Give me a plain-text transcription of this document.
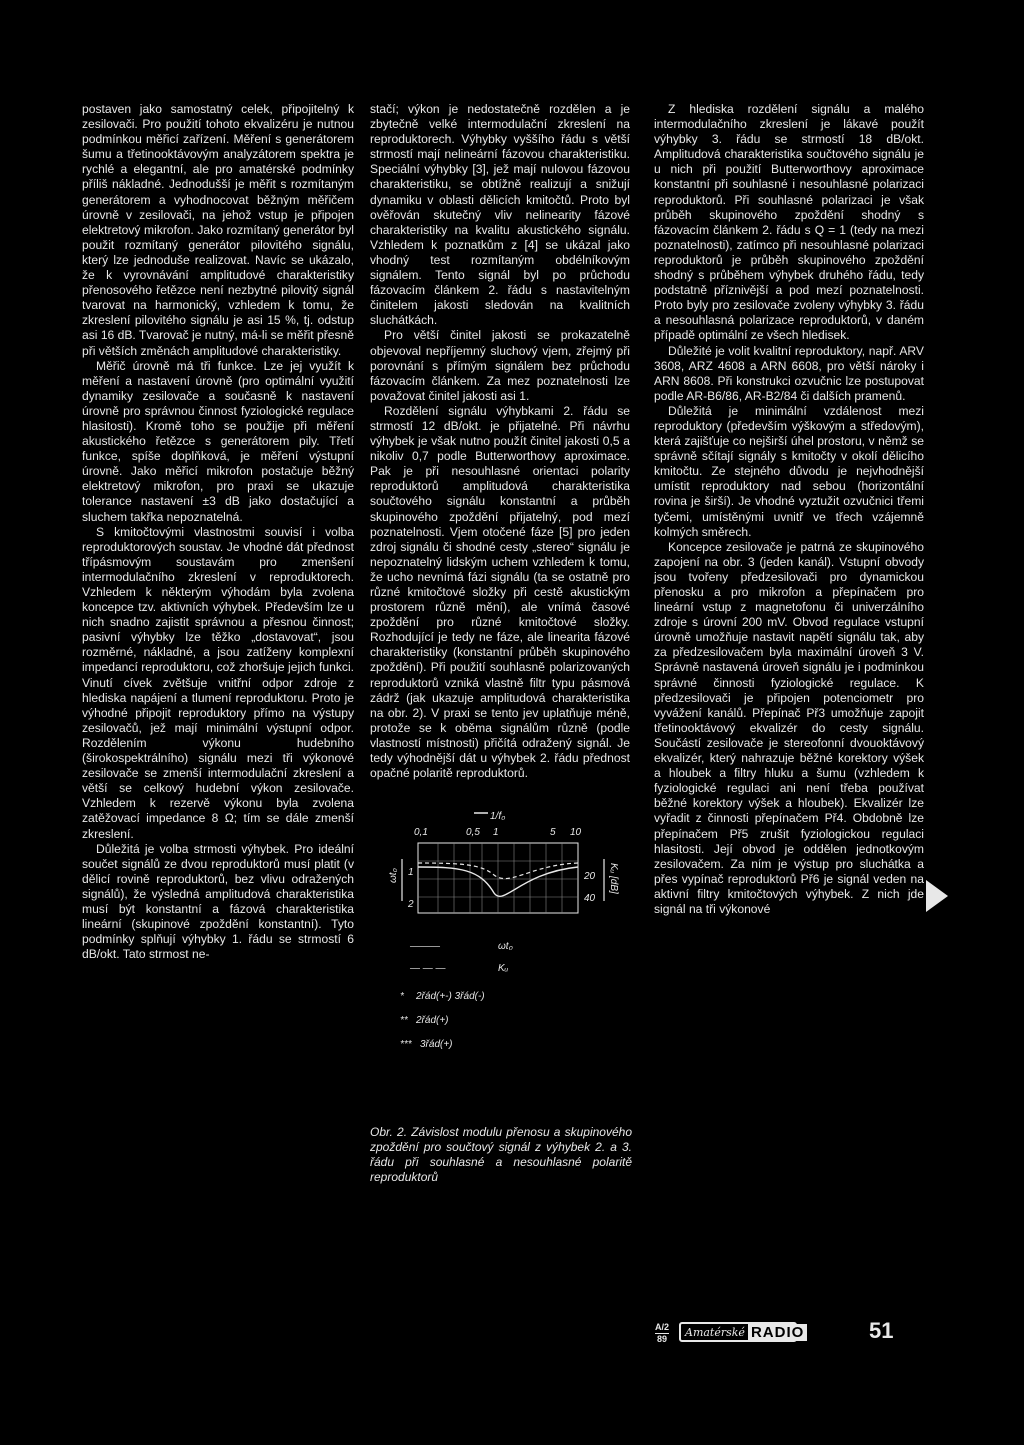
postaven jako samostatný celek, připojitelný k zesilovači. Pro použití tohoto ekvalizéru je nutnou podmínkou měřicí zařízení. Měření s generátorem šumu a třetinooktávovým analyzátorem spektra je rychlé a elegantní, ale pro amatérské podmínky příliš nákladné. Jednodušší je měřit s rozmítaným generátorem a vyhodnocovat běžným měřičem úrovně v zesilovači, na jehož vstup je připojen elektretový mikrofon. Jako rozmítaný generátor byl použit rozmítaný generátor pilovitého signálu, který lze jednoduše realizovat. Navíc se ukázalo, že k vyrovnávání amplitudové charakteristiky přenosového řetězce není nezbytné pilovitý signál tvarovat na harmonický, vzhledem k tomu, že zkreslení pilovitého signálu je asi 15 %, tj. odstup asi 16 dB. Tvarovač je nutný, má-li se měřit přesně při větších změnách amplitudové charakteristiky.

Měřič úrovně má tři funkce. Lze jej využít k měření a nastavení úrovně (pro optimální využití dynamiky zesilovače a současně k nastavení úrovně pro správnou činnost fyziologické regulace hlasitosti). Kromě toho se použije při měření akustického řetězce s generátorem pily. Třetí funkce, spíše doplňková, je měření výstupní úrovně. Jako měřicí mikrofon postačuje běžný elektretový mikrofon, pro praxi se ukazuje tolerance nastavení ±3 dB jako dostačující a sluchem takřka nepoznatelná.

S kmitočtovými vlastnostmi souvisí i volba reproduktorových soustav. Je vhodné dát přednost třípásmovým soustavám pro zmenšení intermodulačního zkreslení v reproduktorech. Vzhledem k některým výhodám byla zvolena koncepce tzv. aktivních výhybek. Především lze u nich snadno zajistit správnou a přesnou činnost; pasivní výhybky lze těžko „dostavovat“, jsou rozměrné, nákladné, a jsou zatíženy komplexní impedancí reproduktoru, což zhoršuje jejich funkci. Vinutí cívek zvětšuje vnitřní odpor zdroje z hlediska napájení a tlumení reproduktoru. Proto je výhodné připojit reproduktory přímo na výstupy zesilovačů, jež mají minimální výstupní odpor. Rozdělením výkonu hudebního (širokospektrálního) signálu mezi tři výkonové zesilovače se zmenší intermodulační zkreslení a větší se celkový hudební výkon zesilovače. Vzhledem k rezervě výkonu byla zvolena zatěžovací impedance 8 Ω; tím se dále zmenší zkreslení.

Důležitá je volba strmosti výhybek. Pro ideální součet signálů ze dvou reproduktorů musí platit (v dělicí rovině reproduktorů, bez vlivu odražených signálů), že výsledná amplitudová charakteristika musí být konstantní a fázová charakteristika lineární (skupinové zpoždění konstantní). Tyto podmínky splňují výhybky 1. řádu se strmostí 6 dB/okt. Tato strmost ne-

stačí; výkon je nedostatečně rozdělen a je zbytečně velké intermodulační zkreslení na reproduktorech. Výhybky vyššího řádu s větší strmostí mají nelineární fázovou charakteristiku. Speciální výhybky [3], jež mají nulovou fázovou charakteristiku, se obtížně realizují a snižují dynamiku v oblasti dělicích kmitočtů. Proto byl ověřován skutečný vliv nelinearity fázové charakteristiky na kvalitu akustického signálu. Vzhledem k poznatkům z [4] se ukázal jako vhodný test rozmítaným obdélníkovým signálem. Tento signál byl po průchodu fázovacím článkem 2. řádu s nastavitelným činitelem jakosti sledován na kvalitních sluchátkách.

Pro větší činitel jakosti se prokazatelně objevoval nepříjemný sluchový vjem, zřejmý při porovnání s přímým signálem bez průchodu fázovacím článkem. Za mez poznatelnosti lze považovat činitel jakosti asi 1.

Rozdělení signálu výhybkami 2. řádu se strmostí 12 dB/okt. je přijatelné. Při návrhu výhybek je však nutno použít činitel jakosti 0,5 a nikoliv 0,7 podle Butterworthovy aproximace. Pak je při nesouhlasné orientaci polarity reproduktorů amplitudová charakteristika součtového signálu konstantní a průběh skupinového zpoždění přijatelný, pod mezí poznatelnosti. Vjem otočené fáze [5] pro jeden zdroj signálu či shodné cesty „stereo“ signálu je nepoznatelný lidským uchem vzhledem k tomu, že ucho nevnímá fázi signálu (ta se ostatně pro různé kmitočtové složky při cestě akustickým prostorem různě mění), ale vnímá časové zpoždění pro různé kmitočtové složky. Rozhodující je tedy ne fáze, ale linearita fázové charakteristiky (konstantní průběh skupinového zpoždění). Při použití souhlasně polarizovaných reproduktorů vzniká vlastně filtr typu pásmová zádrž (jak ukazuje amplitudová charakteristika na obr. 2). V praxi se tento jev uplatňuje méně, protože se k oběma signálům různě (podle vlastností místnosti) přičítá odražený signál. Je tedy výhodnější dát u výhybek 2. řádu přednost opačné polaritě reproduktorů.

Z hlediska rozdělení signálu a malého intermodulačního zkreslení je lákavé použít výhybky 3. řádu se strmostí 18 dB/okt. Amplitudová charakteristika součtového signálu je u nich při použití Butterworthovy aproximace konstantní při souhlasné i nesouhlasné polarizaci reproduktorů. Při souhlasné polarizaci je však průběh skupinového zpoždění shodný s fázovacím článkem 2. řádu s Q = 1 (tedy na mezi poznatelnosti), zatímco při nesouhlasné polarizaci reproduktorů je průběh skupinového zpoždění shodný s průběhem výhybek druhého řádu, tedy podstatně příznivější a pod mezí poznatelnosti. Proto byly pro zesilovače zvoleny výhybky 3. řádu a nesouhlasná polarizace reproduktorů, v daném případě optimální ze všech hledisek.

Důležité je volit kvalitní reproduktory, např. ARV 3608, ARZ 4608 a ARN 6608, pro větší nároky i ARN 8608. Při konstrukci ozvučnic lze postupovat podle AR-B6/86, AR-B2/84 či dalších pramenů.

Důležitá je minimální vzdálenost mezi reproduktory (především výškovým a středovým), která zajišťuje co nejširší úhel prostoru, v němž se správně sčítají signály s kmitočty v okolí dělicího kmitočtu. Ze stejného důvodu je nejvhodnější umístit reproduktory nad sebou (horizontální rovina je širší). Je vhodné vyztužit ozvučnici třemi tyčemi, umístěnými uvnitř ve třech vzájemně kolmých směrech.

Koncepce zesilovače je patrná ze skupinového zapojení na obr. 3 (jeden kanál). Vstupní obvody jsou tvořeny předzesilovači pro dynamickou přenosku a pro mikrofon a přepínačem pro lineární vstup z magnetofonu či univerzálního zdroje s úrovní 200 mV. Obvod regulace vstupní úrovně umožňuje nastavit napětí signálu tak, aby za předzesilovačem byla maximální úroveň 3 V. Správně nastavená úroveň signálu je i podmínkou správné činnosti fyziologické regulace. K předzesilovači je připojen potenciometr pro vyvážení kanálů. Přepínač Př3 umožňuje zapojit třetinooktávový ekvalizér do cesty signálu. Součástí zesilovače je stereofonní dvouoktávový ekvalizér, který nahrazuje běžné korektory výšek a hloubek a filtry hluku a šumu (vzhledem k fyziologické regulaci ani není třeba používat běžné korektory výšek a hloubek). Ekvalizér lze vyřadit z činnosti přepínačem Př4. Obdobně lze přepínačem Př5 zrušit fyziologickou regulaci hlasitosti. Její obvod je oddělen jednotkovým zesilovačem. Za ním je výstup pro sluchátka a přes vypínač reproduktorů Př6 je signál veden na aktivní filtry kmitočtových výhybek. Z nich jde signál na tři výkonové

1/f₀
0,1	0,5 1	5 10
1
2
20
40
ωt₀	Kᵤ [dB]
———	ωt₀
— — —	Kᵤ
* 2řád(+-) 3řád(-)
** 2řád(+)
*** 3řád(+)
Obr. 2. Závislost modulu přenosu a skupinového zpoždění pro součtový signál z výhybek 2. a 3. řádu při souhlasné a nesouhlasné polaritě reproduktorů
A/2
89
Amatérské RADIO	51
